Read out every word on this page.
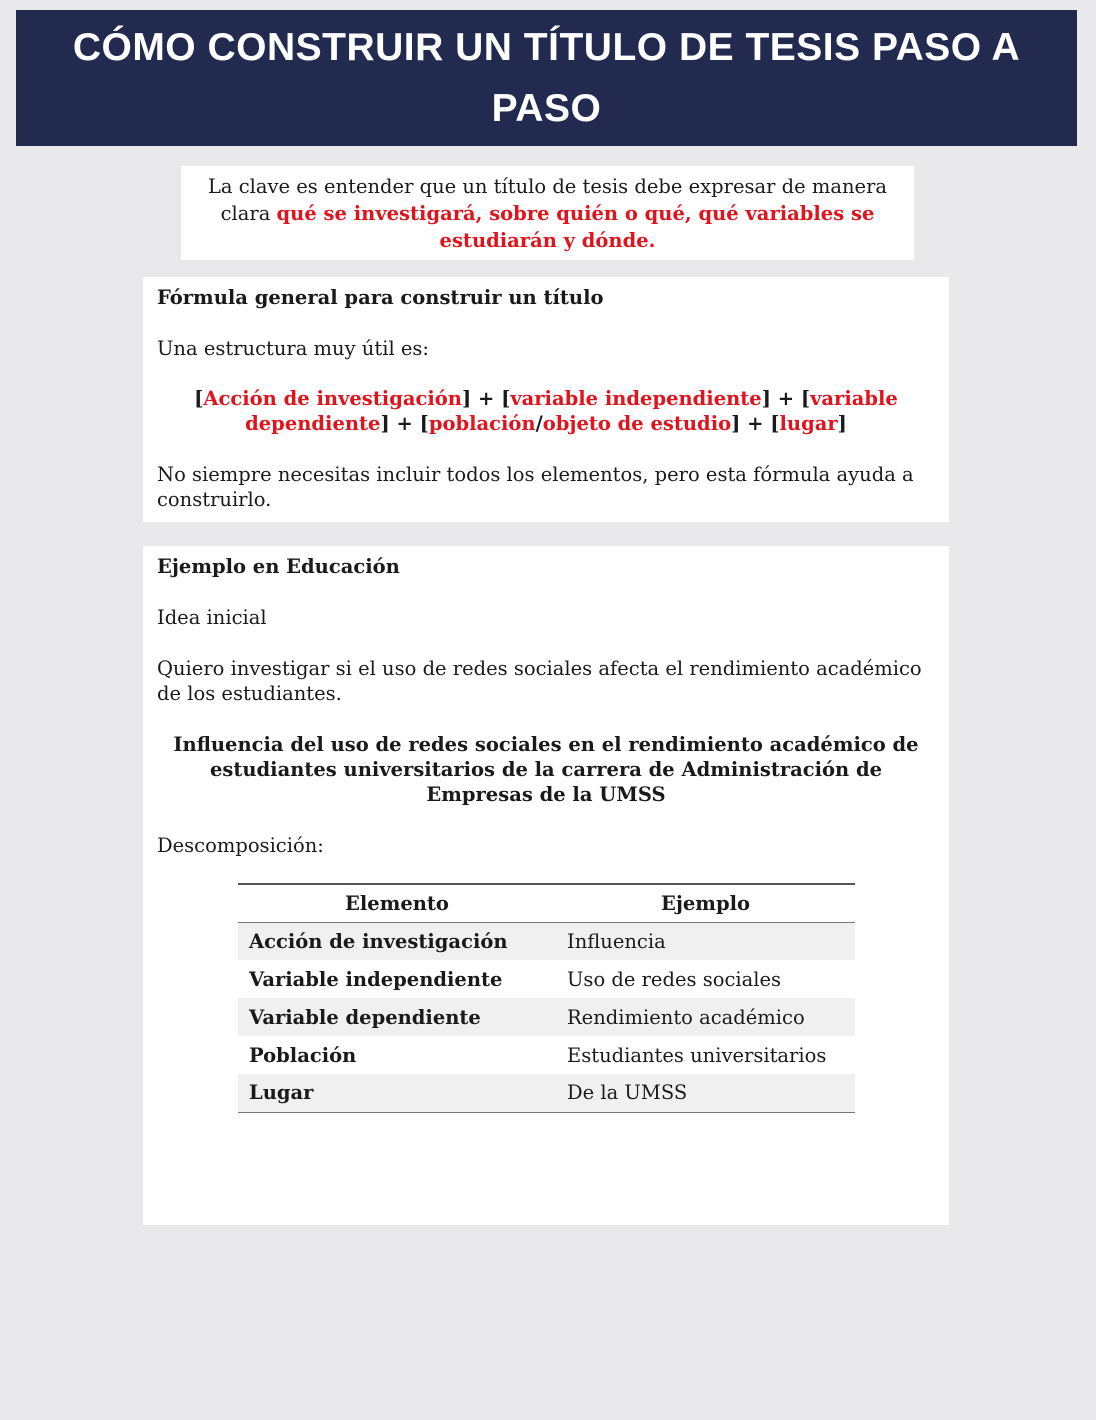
CÓMO CONSTRUIR UN TÍTULO DE TESIS PASO A PASO
La clave es entender que un título de tesis debe expresar de manera clara qué se investigará, sobre quién o qué, qué variables se estudiarán y dónde.
Fórmula general para construir un título
Una estructura muy útil es:
[Acción de investigación] + [variable independiente] + [variable dependiente] + [población/objeto de estudio] + [lugar]
No siempre necesitas incluir todos los elementos, pero esta fórmula ayuda a construirlo.
Ejemplo en Educación
Idea inicial
Quiero investigar si el uso de redes sociales afecta el rendimiento académico de los estudiantes.
Influencia del uso de redes sociales en el rendimiento académico de estudiantes universitarios de la carrera de Administración de Empresas de la UMSS
Descomposición:
Elemento	Ejemplo
Acción de investigación	Influencia
Variable independiente	Uso de redes sociales
Variable dependiente	Rendimiento académico
Población	Estudiantes universitarios
Lugar	De la UMSS
